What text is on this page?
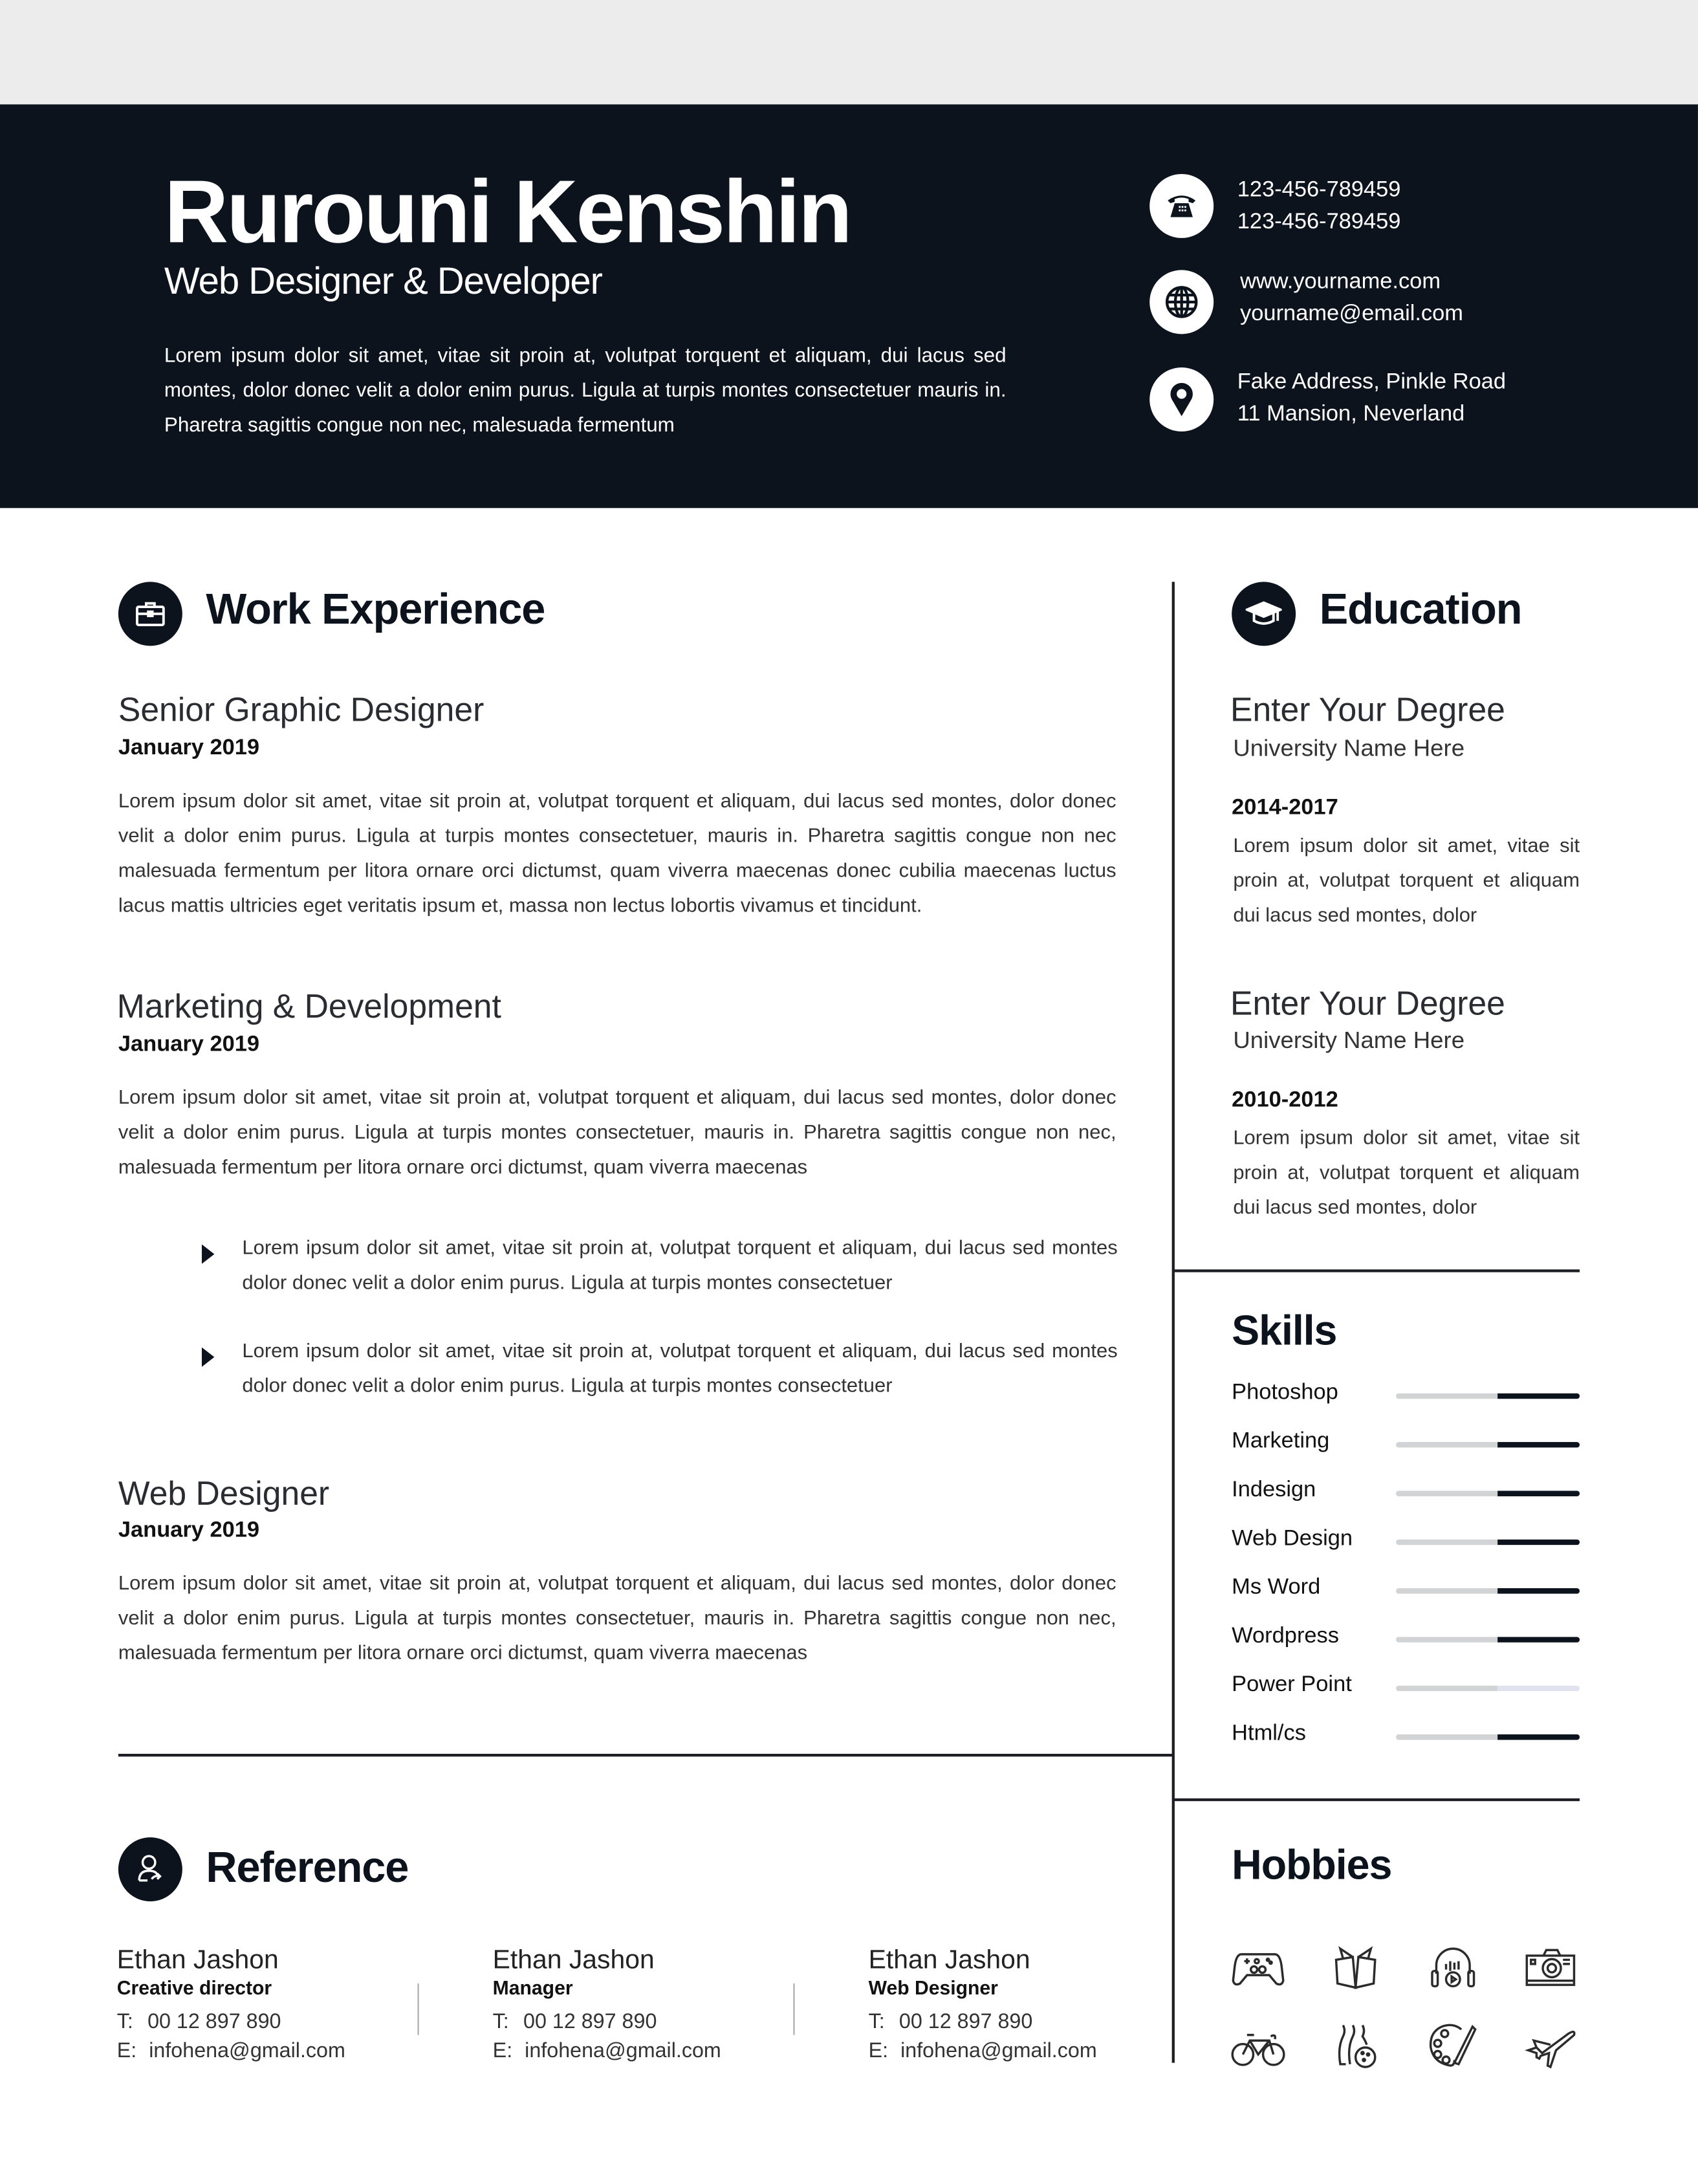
Rurouni Kenshin
Web Designer & Developer
Lorem ipsum dolor sit amet, vitae sit proin at, volutpat torquent et aliquam, dui lacus sed montes, dolor donec velit a dolor enim purus. Ligula at turpis montes consectetuer mauris in. Pharetra sagittis congue non nec, malesuada fermentum
123-456-789459
123-456-789459
www.yourname.com
yourname@email.com
Fake Address, Pinkle Road
11 Mansion, Neverland
Work Experience
Senior Graphic Designer
January 2019
Lorem ipsum dolor sit amet, vitae sit proin at, volutpat torquent et aliquam, dui lacus sed montes, dolor donec velit a dolor enim purus. Ligula at turpis montes consectetuer, mauris in. Pharetra sagittis congue non nec malesuada fermentum per litora ornare orci dictumst, quam viverra maecenas donec cubilia maecenas luctus lacus mattis ultricies eget veritatis ipsum et, massa non lectus lobortis vivamus et tincidunt.
Marketing & Development
January 2019
Lorem ipsum dolor sit amet, vitae sit proin at, volutpat torquent et aliquam, dui lacus sed montes, dolor donec velit a dolor enim purus. Ligula at turpis montes consectetuer, mauris in. Pharetra sagittis congue non nec, malesuada fermentum per litora ornare orci dictumst, quam viverra maecenas
Lorem ipsum dolor sit amet, vitae sit proin at, volutpat torquent et aliquam, dui lacus sed montes dolor donec velit a dolor enim purus. Ligula at turpis montes consectetuer
Lorem ipsum dolor sit amet, vitae sit proin at, volutpat torquent et aliquam, dui lacus sed montes dolor donec velit a dolor enim purus. Ligula at turpis montes consectetuer
Web Designer
January 2019
Lorem ipsum dolor sit amet, vitae sit proin at, volutpat torquent et aliquam, dui lacus sed montes, dolor donec velit a dolor enim purus. Ligula at turpis montes consectetuer, mauris in. Pharetra sagittis congue non nec, malesuada fermentum per litora ornare orci dictumst, quam viverra maecenas
Education
Enter Your Degree
University Name Here
2014-2017
Lorem ipsum dolor sit amet, vitae sit proin at, volutpat torquent et aliquam dui lacus sed montes, dolor
Enter Your Degree
University Name Here
2010-2012
Lorem ipsum dolor sit amet, vitae sit proin at, volutpat torquent et aliquam dui lacus sed montes, dolor
Skills
Photoshop
Marketing
Indesign
Web Design
Ms Word
Wordpress
Power Point
Html/cs
Hobbies
Reference
Ethan Jashon
Creative director
T: 00 12 897 890
E: infohena@gmail.com
Ethan Jashon
Manager
T: 00 12 897 890
E: infohena@gmail.com
Ethan Jashon
Web Designer
T: 00 12 897 890
E: infohena@gmail.com
